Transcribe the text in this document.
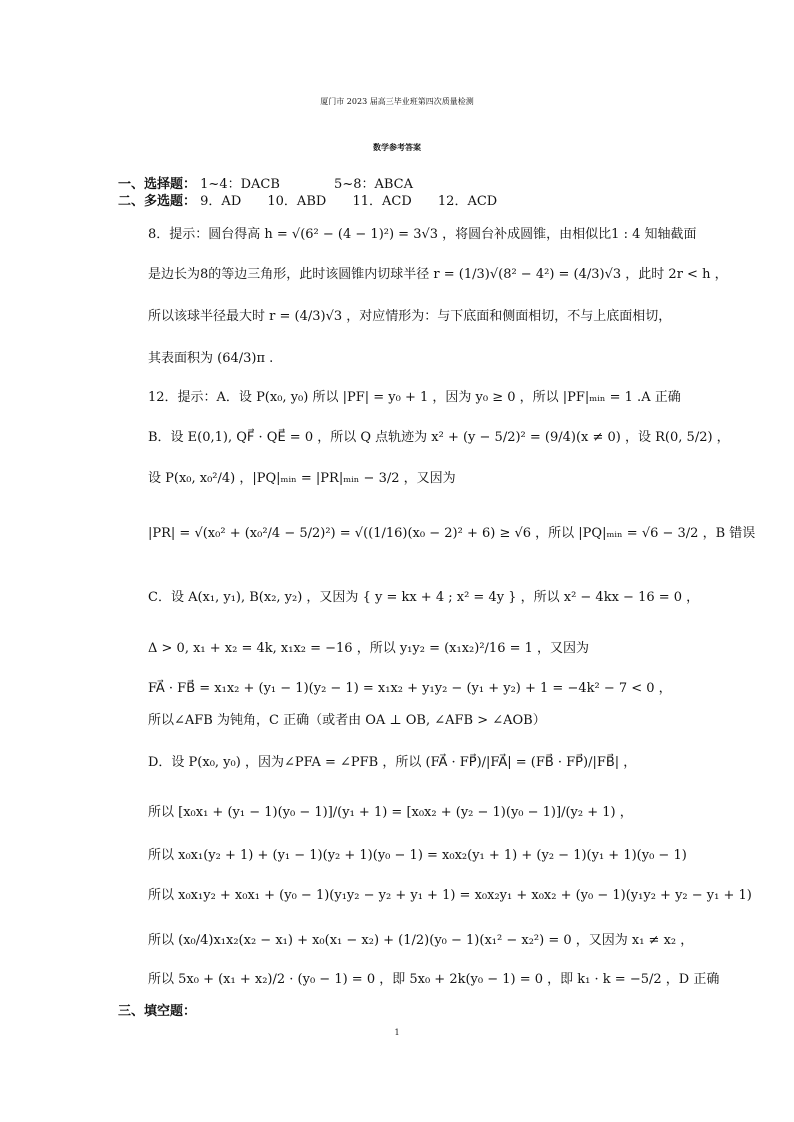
厦门市 2023 届高三毕业班第四次质量检测
数学参考答案
一、选择题： 1~4：DACB	5~8：ABCA
二、多选题： 9．AD 10．ABD 11．ACD 12．ACD
8．提示：圆台得高 h = √(6² − (4 − 1)²) = 3√3 ，将圆台补成圆锥，由相似比1 : 4 知轴截面
是边长为8的等边三角形，此时该圆锥内切球半径 r = (1/3)√(8² − 4²) = (4/3)√3 ，此时 2r < h ，
所以该球半径最大时 r = (4/3)√3 ，对应情形为：与下底面和侧面相切，不与上底面相切，
其表面积为 (64/3)π .
12．提示：A．设 P(x₀, y₀) 所以 |PF| = y₀ + 1 ，因为 y₀ ≥ 0 ，所以 |PF|ₘᵢₙ = 1 .A 正确
B．设 E(0,1), QF⃗ · QE⃗ = 0 ，所以 Q 点轨迹为 x² + (y − 5/2)² = (9/4)(x ≠ 0) ，设 R(0, 5/2) ，
设 P(x₀, x₀²/4) ，|PQ|ₘᵢₙ = |PR|ₘᵢₙ − 3/2 ，又因为
|PR| = √(x₀² + (x₀²/4 − 5/2)²) = √((1/16)(x₀ − 2)² + 6) ≥ √6 ，所以 |PQ|ₘᵢₙ = √6 − 3/2 ，B 错误
C．设 A(x₁, y₁), B(x₂, y₂) ，又因为 { y = kx + 4 ; x² = 4y } ，所以 x² − 4kx − 16 = 0 ，
Δ > 0, x₁ + x₂ = 4k, x₁x₂ = −16 ，所以 y₁y₂ = (x₁x₂)²/16 = 1 ，又因为
FA⃗ · FB⃗ = x₁x₂ + (y₁ − 1)(y₂ − 1) = x₁x₂ + y₁y₂ − (y₁ + y₂) + 1 = −4k² − 7 < 0 ，
所以∠AFB 为钝角，C 正确（或者由 OA ⊥ OB, ∠AFB > ∠AOB）
D．设 P(x₀, y₀) ，因为∠PFA = ∠PFB ，所以 (FA⃗ · FP⃗)/|FA⃗| = (FB⃗ · FP⃗)/|FB⃗| ，
所以 [x₀x₁ + (y₁ − 1)(y₀ − 1)]/(y₁ + 1) = [x₀x₂ + (y₂ − 1)(y₀ − 1)]/(y₂ + 1) ，
所以 x₀x₁(y₂ + 1) + (y₁ − 1)(y₂ + 1)(y₀ − 1) = x₀x₂(y₁ + 1) + (y₂ − 1)(y₁ + 1)(y₀ − 1)
所以 x₀x₁y₂ + x₀x₁ + (y₀ − 1)(y₁y₂ − y₂ + y₁ + 1) = x₀x₂y₁ + x₀x₂ + (y₀ − 1)(y₁y₂ + y₂ − y₁ + 1)
所以 (x₀/4)x₁x₂(x₂ − x₁) + x₀(x₁ − x₂) + (1/2)(y₀ − 1)(x₁² − x₂²) = 0 ，又因为 x₁ ≠ x₂ ，
所以 5x₀ + (x₁ + x₂)/2 · (y₀ − 1) = 0 ，即 5x₀ + 2k(y₀ − 1) = 0 ，即 k₁ · k = −5/2 ，D 正确
三、填空题：
1
